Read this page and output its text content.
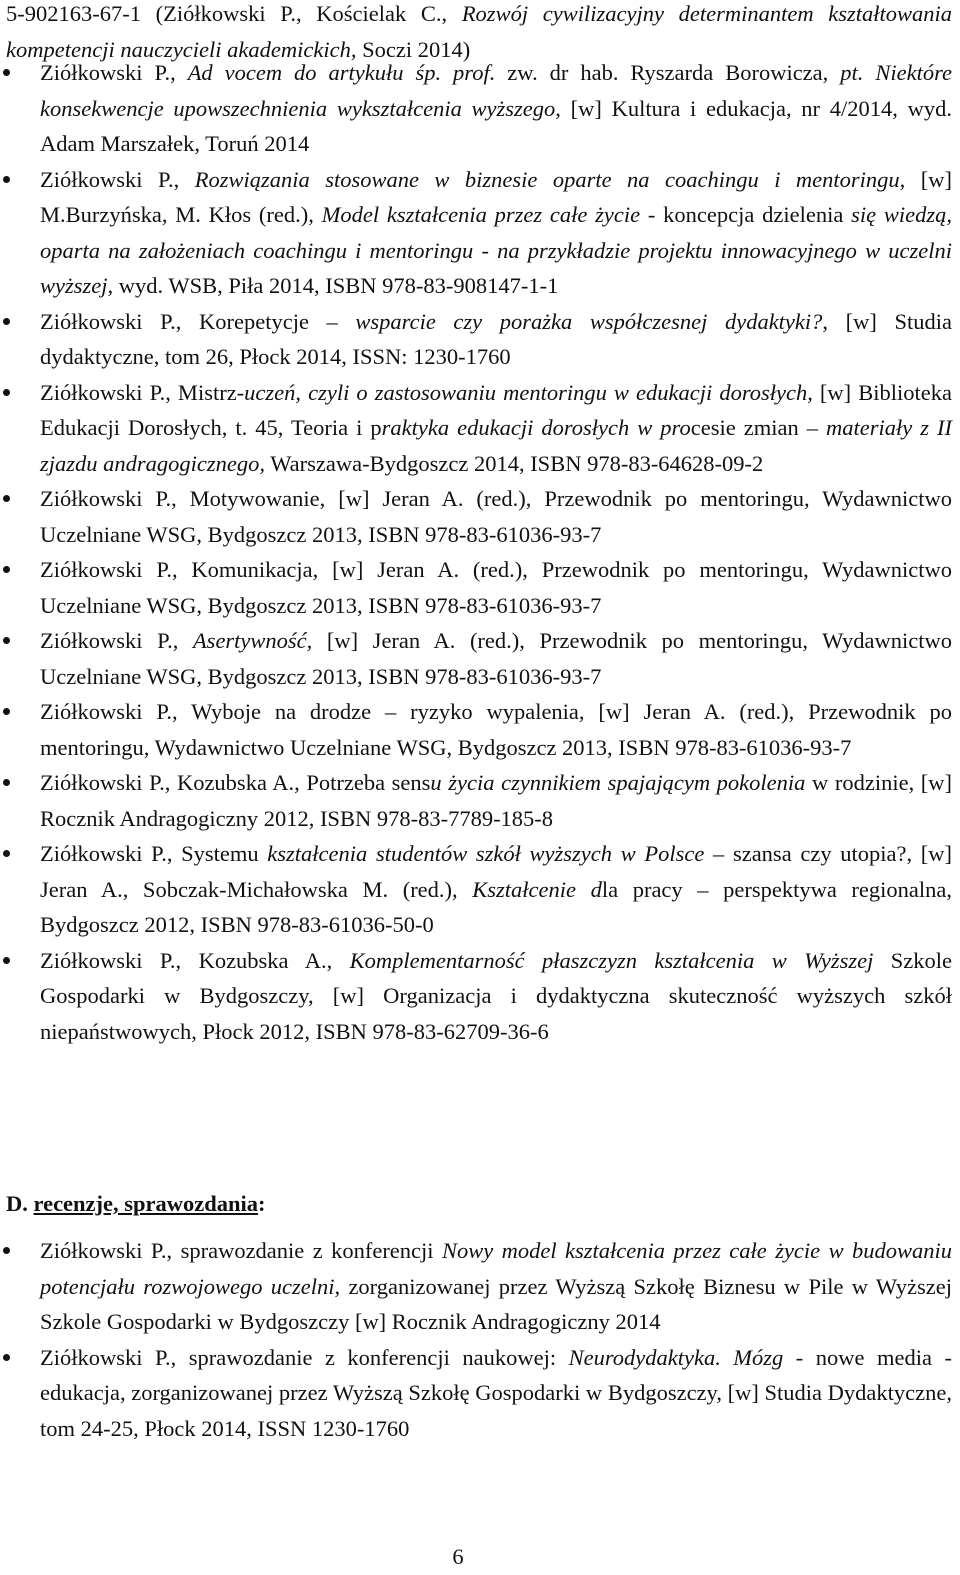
5-902163-67-1 (Ziółkowski P., Kościelak C., Rozwój cywilizacyjny determinantem kształtowania kompetencji nauczycieli akademickich, Soczi 2014)
Ziółkowski P., Ad vocem do artykułu śp. prof. zw. dr hab. Ryszarda Borowicza, pt. Niektóre konsekwencje upowszechnienia wykształcenia wyższego, [w] Kultura i edukacja, nr 4/2014, wyd. Adam Marszałek, Toruń 2014
Ziółkowski P., Rozwiązania stosowane w biznesie oparte na coachingu i mentoringu, [w] M.Burzyńska, M. Kłos (red.), Model kształcenia przez całe życie - koncepcja dzielenia się wiedzą, oparta na założeniach coachingu i mentoringu - na przykładzie projektu innowacyjnego w uczelni wyższej, wyd. WSB, Piła 2014, ISBN 978-83-908147-1-1
Ziółkowski P., Korepetycje – wsparcie czy porażka współczesnej dydaktyki?, [w] Studia dydaktyczne, tom 26, Płock 2014, ISSN: 1230-1760
Ziółkowski P., Mistrz-uczeń, czyli o zastosowaniu mentoringu w edukacji dorosłych, [w] Biblioteka Edukacji Dorosłych, t. 45, Teoria i praktyka edukacji dorosłych w procesie zmian – materiały z II zjazdu andragogicznego, Warszawa-Bydgoszcz 2014, ISBN 978-83-64628-09-2
Ziółkowski P., Motywowanie, [w] Jeran A. (red.), Przewodnik po mentoringu, Wydawnictwo Uczelniane WSG, Bydgoszcz 2013, ISBN 978-83-61036-93-7
Ziółkowski P., Komunikacja, [w] Jeran A. (red.), Przewodnik po mentoringu, Wydawnictwo Uczelniane WSG, Bydgoszcz 2013, ISBN 978-83-61036-93-7
Ziółkowski P., Asertywność, [w] Jeran A. (red.), Przewodnik po mentoringu, Wydawnictwo Uczelniane WSG, Bydgoszcz 2013, ISBN 978-83-61036-93-7
Ziółkowski P., Wyboje na drodze – ryzyko wypalenia, [w] Jeran A. (red.), Przewodnik po mentoringu, Wydawnictwo Uczelniane WSG, Bydgoszcz 2013, ISBN 978-83-61036-93-7
Ziółkowski P., Kozubska A., Potrzeba sensu życia czynnikiem spajającym pokolenia w rodzinie, [w] Rocznik Andragogiczny 2012, ISBN 978-83-7789-185-8
Ziółkowski P., Systemu kształcenia studentów szkół wyższych w Polsce – szansa czy utopia?, [w] Jeran A., Sobczak-Michałowska M. (red.), Kształcenie dla pracy – perspektywa regionalna, Bydgoszcz 2012, ISBN 978-83-61036-50-0
Ziółkowski P., Kozubska A., Komplementarność płaszczyzn kształcenia w Wyższej Szkole Gospodarki w Bydgoszczy, [w] Organizacja i dydaktyczna skuteczność wyższych szkół niepaństwowych, Płock 2012, ISBN 978-83-62709-36-6
D. recenzje, sprawozdania:
Ziółkowski P., sprawozdanie z konferencji Nowy model kształcenia przez całe życie w budowaniu potencjału rozwojowego uczelni, zorganizowanej przez Wyższą Szkołę Biznesu w Pile w Wyższej Szkole Gospodarki w Bydgoszczy [w] Rocznik Andragogiczny 2014
Ziółkowski P., sprawozdanie z konferencji naukowej: Neurodydaktyka. Mózg - nowe media - edukacja, zorganizowanej przez Wyższą Szkołę Gospodarki w Bydgoszczy, [w] Studia Dydaktyczne, tom 24-25, Płock 2014, ISSN 1230-1760
6
